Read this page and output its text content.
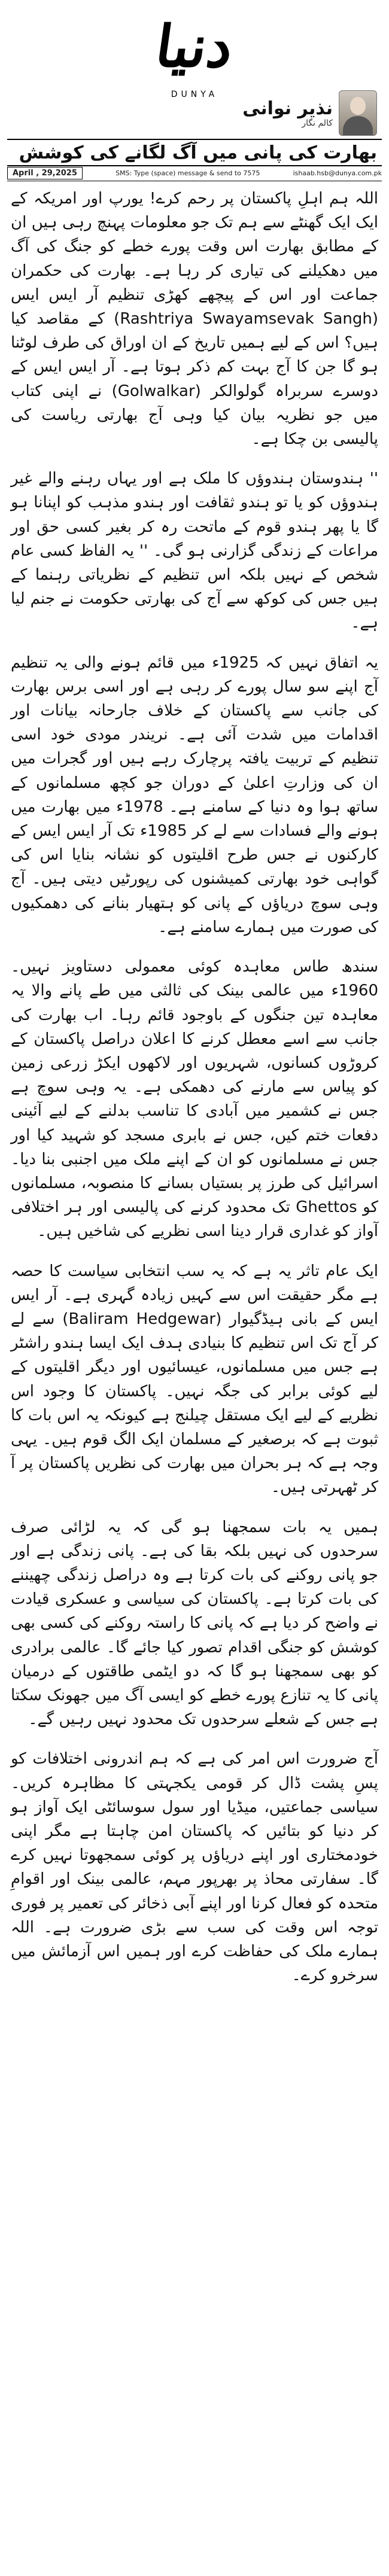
دنیا
DUNYA
نذیر نوانی
کالم نگار
بھارت کی پانی میں آگ لگانے کی کوشش
April , 29,2025	SMS: Type (space) message & send to 7575	ishaab.hsb@dunya.com.pk

اللہ ہم اہلِ پاکستان پر رحم کرے! یورپ اور امریکہ کے ایک ایک گھنٹے سے ہم تک جو معلومات پہنچ رہی ہیں ان کے مطابق بھارت اس وقت پورے خطے کو جنگ کی آگ میں دھکیلنے کی تیاری کر رہا ہے۔ بھارت کی حکمران جماعت اور اس کے پیچھے کھڑی تنظیم آر ایس ایس (Rashtriya Swayamsevak Sangh) کے مقاصد کیا ہیں؟ اس کے لیے ہمیں تاریخ کے ان اوراق کی طرف لوٹنا ہو گا جن کا آج بہت کم ذکر ہوتا ہے۔ آر ایس ایس کے دوسرے سربراہ گولوالکر (Golwalkar) نے اپنی کتاب میں جو نظریہ بیان کیا وہی آج بھارتی ریاست کی پالیسی بن چکا ہے۔

'' ہندوستان ہندوؤں کا ملک ہے اور یہاں رہنے والے غیر ہندوؤں کو یا تو ہندو ثقافت اور ہندو مذہب کو اپنانا ہو گا یا پھر ہندو قوم کے ماتحت رہ کر بغیر کسی حق اور مراعات کے زندگی گزارنی ہو گی۔ '' یہ الفاظ کسی عام شخص کے نہیں بلکہ اس تنظیم کے نظریاتی رہنما کے ہیں جس کی کوکھ سے آج کی بھارتی حکومت نے جنم لیا ہے۔

یہ اتفاق نہیں کہ 1925ء میں قائم ہونے والی یہ تنظیم آج اپنے سو سال پورے کر رہی ہے اور اسی برس بھارت کی جانب سے پاکستان کے خلاف جارحانہ بیانات اور اقدامات میں شدت آئی ہے۔ نریندر مودی خود اسی تنظیم کے تربیت یافتہ پرچارک رہے ہیں اور گجرات میں ان کی وزارتِ اعلیٰ کے دوران جو کچھ مسلمانوں کے ساتھ ہوا وہ دنیا کے سامنے ہے۔ 1978ء میں بھارت میں ہونے والے فسادات سے لے کر 1985ء تک آر ایس ایس کے کارکنوں نے جس طرح اقلیتوں کو نشانہ بنایا اس کی گواہی خود بھارتی کمیشنوں کی رپورٹیں دیتی ہیں۔ آج وہی سوچ دریاؤں کے پانی کو ہتھیار بنانے کی دھمکیوں کی صورت میں ہمارے سامنے ہے۔

سندھ طاس معاہدہ کوئی معمولی دستاویز نہیں۔ 1960ء میں عالمی بینک کی ثالثی میں طے پانے والا یہ معاہدہ تین جنگوں کے باوجود قائم رہا۔ اب بھارت کی جانب سے اسے معطل کرنے کا اعلان دراصل پاکستان کے کروڑوں کسانوں، شہریوں اور لاکھوں ایکڑ زرعی زمین کو پیاس سے مارنے کی دھمکی ہے۔ یہ وہی سوچ ہے جس نے کشمیر میں آبادی کا تناسب بدلنے کے لیے آئینی دفعات ختم کیں، جس نے بابری مسجد کو شہید کیا اور جس نے مسلمانوں کو ان کے اپنے ملک میں اجنبی بنا دیا۔ اسرائیل کی طرز پر بستیاں بسانے کا منصوبہ، مسلمانوں کو Ghettos تک محدود کرنے کی پالیسی اور ہر اختلافی آواز کو غداری قرار دینا اسی نظریے کی شاخیں ہیں۔

ایک عام تاثر یہ ہے کہ یہ سب انتخابی سیاست کا حصہ ہے مگر حقیقت اس سے کہیں زیادہ گہری ہے۔ آر ایس ایس کے بانی ہیڈگیوار (Baliram Hedgewar) سے لے کر آج تک اس تنظیم کا بنیادی ہدف ایک ایسا ہندو راشٹر ہے جس میں مسلمانوں، عیسائیوں اور دیگر اقلیتوں کے لیے کوئی برابر کی جگہ نہیں۔ پاکستان کا وجود اس نظریے کے لیے ایک مستقل چیلنج ہے کیونکہ یہ اس بات کا ثبوت ہے کہ برصغیر کے مسلمان ایک الگ قوم ہیں۔ یہی وجہ ہے کہ ہر بحران میں بھارت کی نظریں پاکستان پر آ کر ٹھہرتی ہیں۔

ہمیں یہ بات سمجھنا ہو گی کہ یہ لڑائی صرف سرحدوں کی نہیں بلکہ بقا کی ہے۔ پانی زندگی ہے اور جو پانی روکنے کی بات کرتا ہے وہ دراصل زندگی چھیننے کی بات کرتا ہے۔ پاکستان کی سیاسی و عسکری قیادت نے واضح کر دیا ہے کہ پانی کا راستہ روکنے کی کسی بھی کوشش کو جنگی اقدام تصور کیا جائے گا۔ عالمی برادری کو بھی سمجھنا ہو گا کہ دو ایٹمی طاقتوں کے درمیان پانی کا یہ تنازع پورے خطے کو ایسی آگ میں جھونک سکتا ہے جس کے شعلے سرحدوں تک محدود نہیں رہیں گے۔

آج ضرورت اس امر کی ہے کہ ہم اندرونی اختلافات کو پسِ پشت ڈال کر قومی یکجہتی کا مظاہرہ کریں۔ سیاسی جماعتیں، میڈیا اور سول سوسائٹی ایک آواز ہو کر دنیا کو بتائیں کہ پاکستان امن چاہتا ہے مگر اپنی خودمختاری اور اپنے دریاؤں پر کوئی سمجھوتا نہیں کرے گا۔ سفارتی محاذ پر بھرپور مہم، عالمی بینک اور اقوامِ متحدہ کو فعال کرنا اور اپنے آبی ذخائر کی تعمیر پر فوری توجہ اس وقت کی سب سے بڑی ضرورت ہے۔ اللہ ہمارے ملک کی حفاظت کرے اور ہمیں اس آزمائش میں سرخرو کرے۔
